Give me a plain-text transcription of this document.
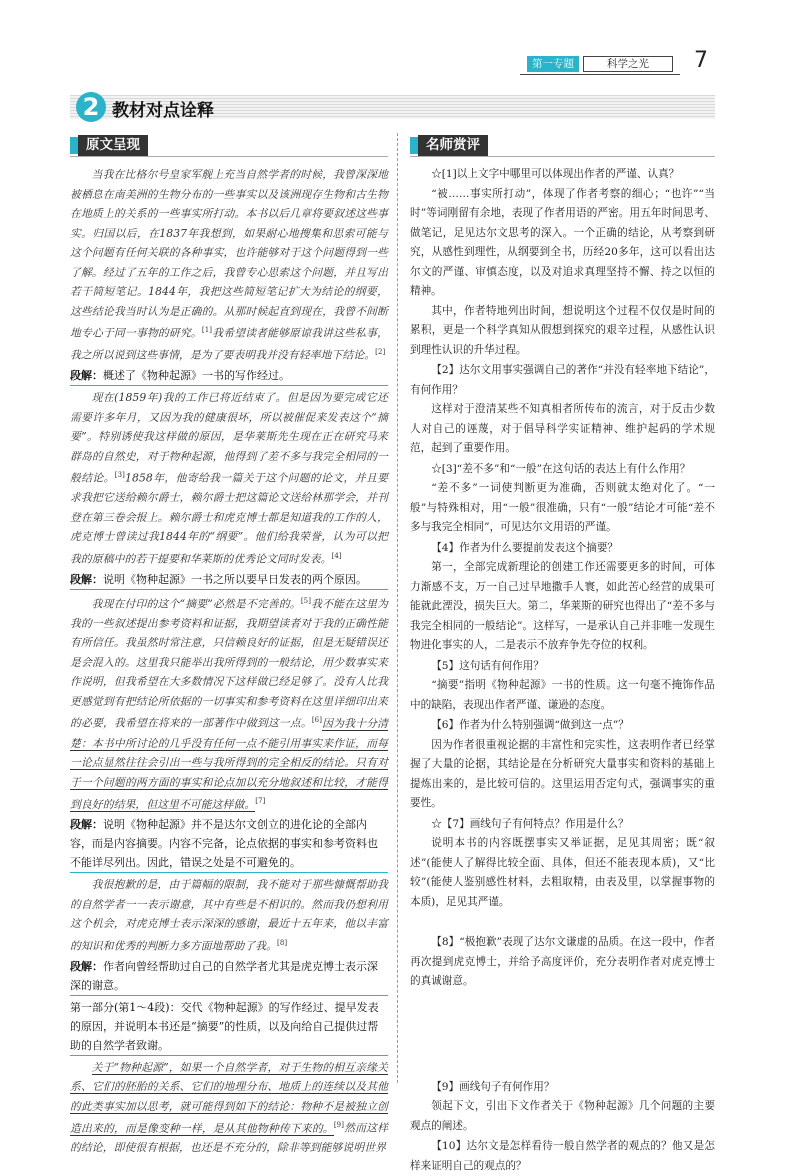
第一专题	科学之光	7
2 教材对点诠释
原文呈现

当我在比格尔号皇家军舰上充当自然学者的时候，我曾深深地被栖息在南美洲的生物分布的一些事实以及该洲现存生物和古生物在地质上的关系的一些事实所打动。本书以后几章将要叙述这些事实。归国以后，在1837年我想到，如果耐心地搜集和思索可能与这个问题有任何关联的各种事实，也许能够对于这个问题得到一些了解。经过了五年的工作之后，我曾专心思索这个问题，并且写出若干简短笔记。1844年，我把这些简短笔记扩大为结论的纲要，这些结论我当时认为是正确的。从那时候起直到现在，我曾不间断地专心于同一事物的研究。[1]我希望读者能够原谅我讲这些私事，我之所以说到这些事情，是为了要表明我并没有轻率地下结论。[2]

段解：概述了《物种起源》一书的写作经过。

现在(1859年)我的工作已将近结束了。但是因为要完成它还需要许多年月，又因为我的健康很坏，所以被催促来发表这个“摘要”。特别诱使我这样做的原因，是华莱斯先生现在正在研究马来群岛的自然史，对于物种起源，他得到了差不多与我完全相同的一般结论。[3]1858年，他寄给我一篇关于这个问题的论文，并且要求我把它送给赖尔爵士，赖尔爵士把这篇论文送给林那学会，并刊登在第三卷会报上。赖尔爵士和虎克博士都是知道我的工作的人，虎克博士曾读过我1844年的“纲要”。他们给我荣誉，认为可以把我的原稿中的若干提要和华莱斯的优秀论文同时发表。[4]

段解：说明《物种起源》一书之所以要早日发表的两个原因。

我现在付印的这个“摘要”必然是不完善的。[5]我不能在这里为我的一些叙述提出参考资料和证据，我期望读者对于我的正确性能有所信任。我虽然时常注意，只信赖良好的证据，但是无疑错误还是会混入的。这里我只能举出我所得到的一般结论，用少数事实来作说明，但我希望在大多数情况下这样做已经足够了。没有人比我更感觉到有把结论所依据的一切事实和参考资料在这里详细印出来的必要，我希望在将来的一部著作中做到这一点。[6]因为我十分清楚：本书中所讨论的几乎没有任何一点不能引用事实来作证，而每一论点显然往往会引出一些与我所得到的完全相反的结论。只有对于一个问题的两方面的事实和论点加以充分地叙述和比较，才能得到良好的结果，但这里不可能这样做。[7]

段解：说明《物种起源》并不是达尔文创立的进化论的全部内容，而是内容摘要。内容不完备，论点依据的事实和参考资料也不能详尽列出。因此，错误之处是不可避免的。

我很抱歉的是，由于篇幅的限制，我不能对于那些慷慨帮助我的自然学者一一表示谢意，其中有些是不相识的。然而我仍想利用这个机会，对虎克博士表示深深的感谢，最近十五年来，他以丰富的知识和优秀的判断力多方面地帮助了我。[8]

段解：作者向曾经帮助过自己的自然学者尤其是虎克博士表示深深的谢意。
第一部分(第1～4段)：交代《物种起源》的写作经过、提早发表的原因，并说明本书还是“摘要”的性质，以及向给自己提供过帮助的自然学者致谢。

关于“物种起源”，如果一个自然学者，对于生物的相互亲缘关系、它们的胚胎的关系、它们的地理分布、地质上的连续以及其他的此类事实加以思考，就可能得到如下的结论：物种不是被独立创造出来的，而是像变种一样，是从其他物种传下来的。[9]然而这样的结论，即使很有根据，也还是不充分的，除非等到能够说明世界

名师赏评

☆[1]以上文字中哪里可以体现出作者的严谨、认真？

“被……事实所打动”，体现了作者考察的细心；“也许”“当时”等词刚留有余地，表现了作者用语的严密。用五年时间思考、做笔记，足见达尔文思考的深入。一个正确的结论，从考察到研究，从感性到理性，从纲要到全书，历经20多年，这可以看出达尔文的严谨、审慎态度，以及对追求真理坚持不懈、持之以恒的精神。

其中，作者特地列出时间，想说明这个过程不仅仅是时间的累积，更是一个科学真知从假想到探究的艰辛过程，从感性认识到理性认识的升华过程。

【2】达尔文用事实强调自己的著作“并没有轻率地下结论”，有何作用？

这样对于澄清某些不知真相者所传布的流言，对于反击少数人对自己的诬蔑，对于倡导科学实证精神、维护起码的学术规范，起到了重要作用。

☆[3]“差不多”和“一般”在这句话的表达上有什么作用？

“差不多”一词使判断更为准确，否则就太绝对化了。“一般”与特殊相对，用“一般”很准确，只有“一般”结论才可能“差不多与我完全相同”，可见达尔文用语的严谨。

【4】作者为什么要提前发表这个摘要？

第一，全部完成新理论的创建工作还需要更多的时间，可体力渐感不支，万一自己过早地撒手人寰，如此苦心经营的成果可能就此湮没，损失巨大。第二，华莱斯的研究也得出了“差不多与我完全相同的一般结论”。这样写，一是承认自己并非唯一发现生物进化事实的人，二是表示不放弃争先夺位的权利。

【5】这句话有何作用？

“摘要”指明《物种起源》一书的性质。这一句毫不掩饰作品中的缺陷，表现出作者严谨、谦逊的态度。

【6】作者为什么特别强调“做到这一点”？

因为作者很重视论据的丰富性和完实性，这表明作者已经掌握了大量的论据，其结论是在分析研究大量事实和资料的基础上提炼出来的，是比较可信的。这里运用否定句式，强调事实的重要性。

☆【7】画线句子有何特点？作用是什么？

说明本书的内容既摆事实又举证据，足见其周密；既“叙述”(能使人了解得比较全面、具体，但还不能表现本质)，又“比较”(能使人鉴别感性材料，去粗取精，由表及里，以掌握事物的本质)，足见其严谨。

【8】“极抱歉”表现了达尔文谦虚的品质。在这一段中，作者再次提到虎克博士，并给予高度评价，充分表明作者对虎克博士的真诚谢意。

【9】画线句子有何作用？

领起下文，引出下文作者关于《物种起源》几个问题的主要观点的阐述。

【10】达尔文是怎样看待一般自然学者的观点的？他又是怎样来证明自己的观点的？
